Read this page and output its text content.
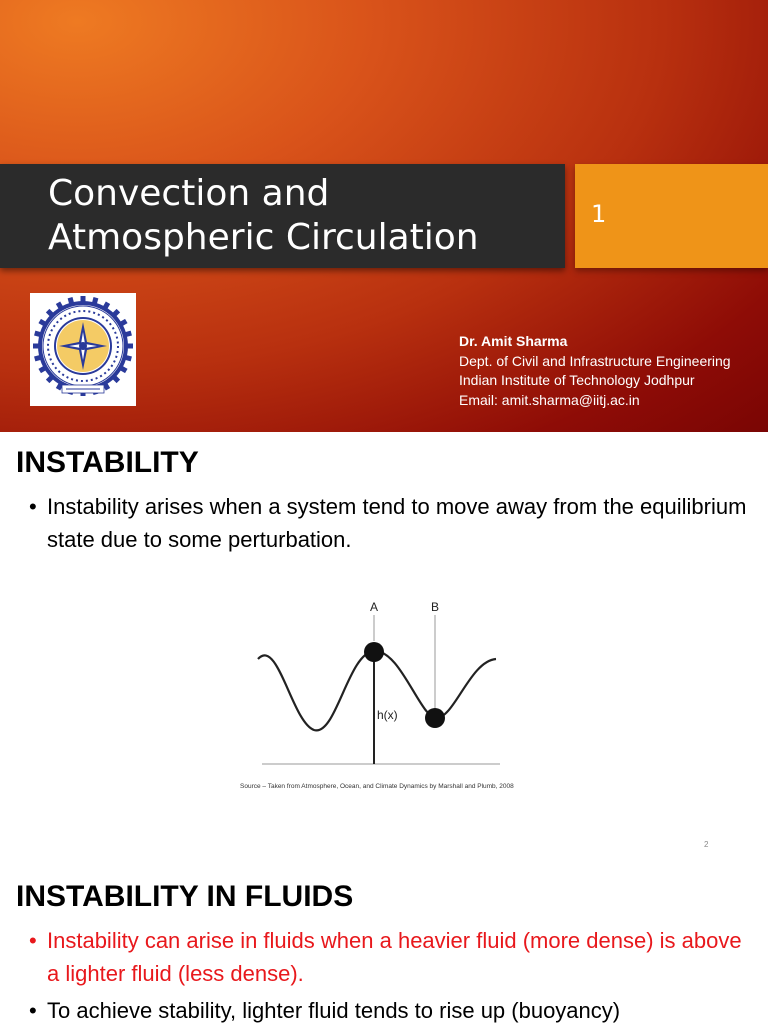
Convection and Atmospheric Circulation
1
Dr. Amit Sharma
Dept. of Civil and Infrastructure Engineering
Indian Institute of Technology Jodhpur
Email: amit.sharma@iitj.ac.in
INSTABILITY
• Instability arises when a system tend to move away from the equilibrium state due to some perturbation.
A	B
h(x)
Source – Taken from Atmosphere, Ocean, and Climate Dynamics by Marshall and Plumb, 2008
2
INSTABILITY IN FLUIDS
• Instability can arise in fluids when a heavier fluid (more dense) is above a lighter fluid (less dense).
• To achieve stability, lighter fluid tends to rise up (buoyancy)
